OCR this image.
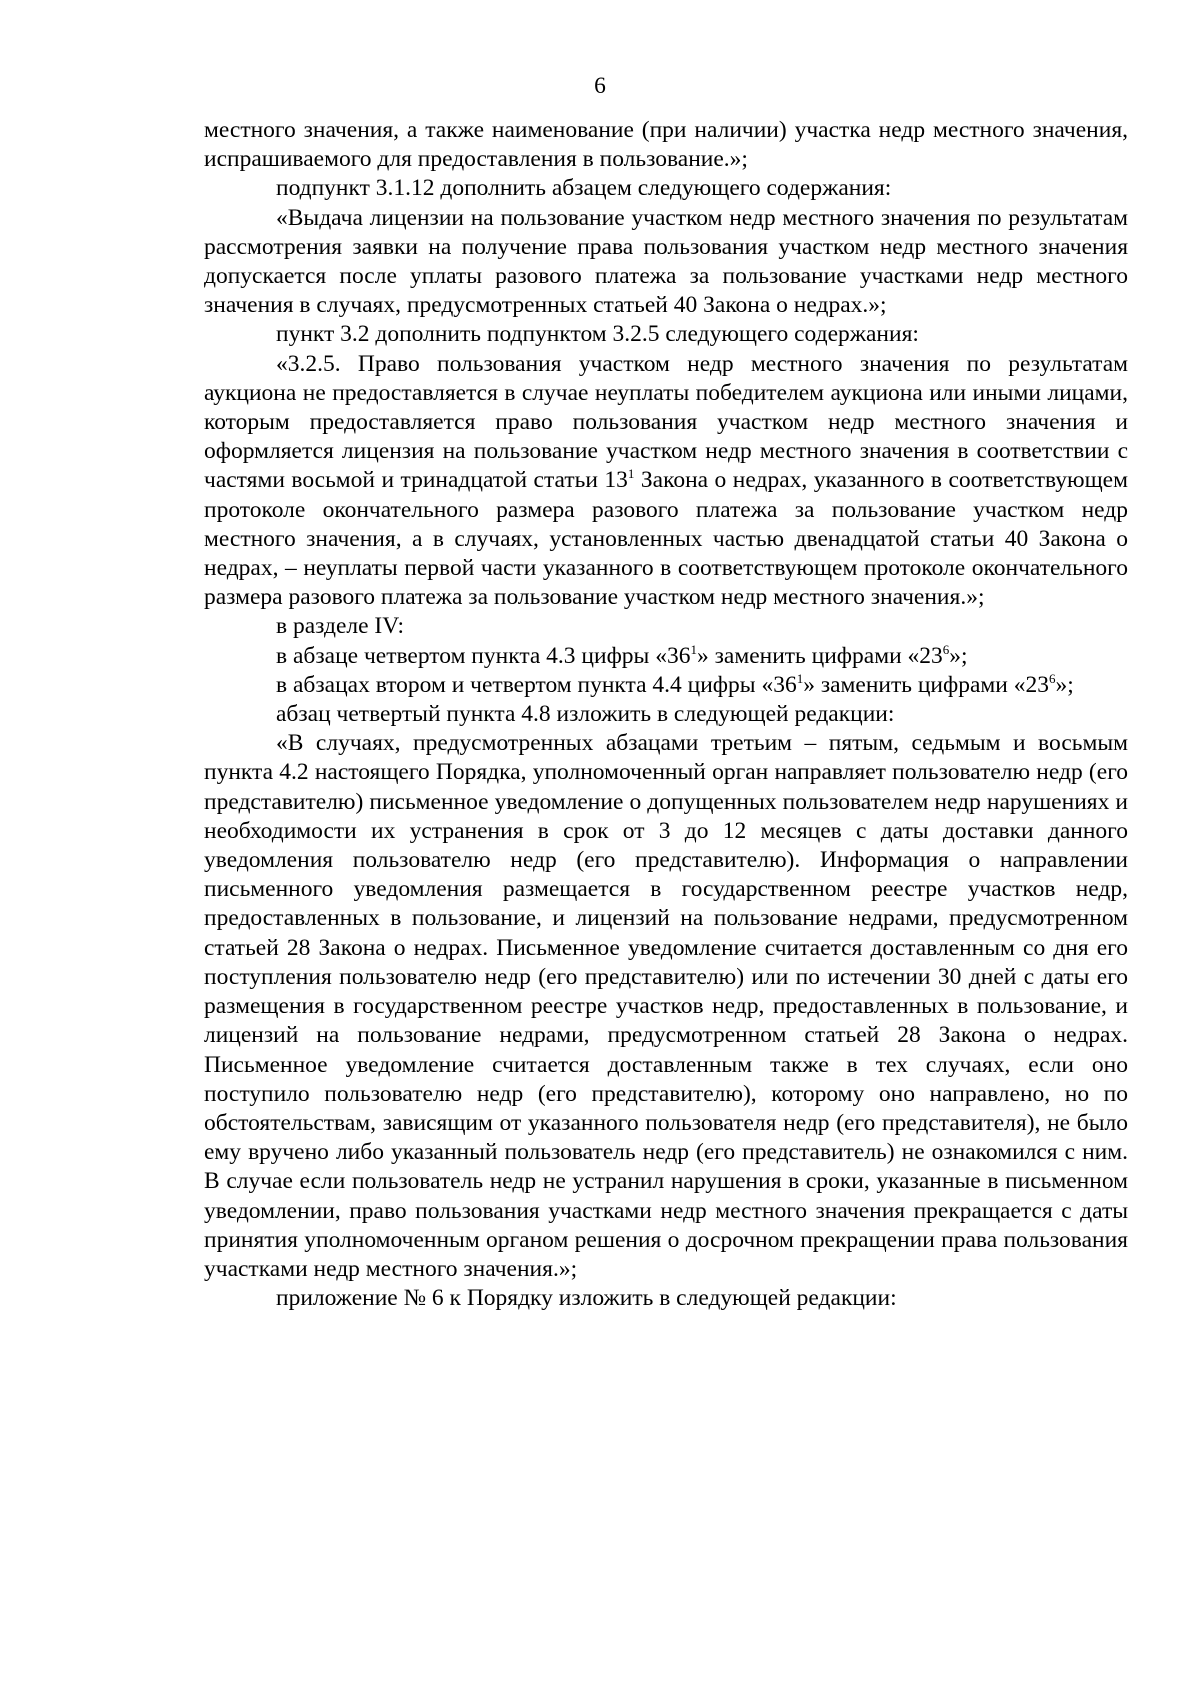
6

местного значения, а также наименование (при наличии) участка недр местного значения, испрашиваемого для предоставления в пользование.»;

подпункт 3.1.12 дополнить абзацем следующего содержания:

«Выдача лицензии на пользование участком недр местного значения по результатам рассмотрения заявки на получение права пользования участком недр местного значения допускается после уплаты разового платежа за пользование участками недр местного значения в случаях, предусмотренных статьей 40 Закона о недрах.»;

пункт 3.2 дополнить подпунктом 3.2.5 следующего содержания:

«3.2.5. Право пользования участком недр местного значения по результатам аукциона не предоставляется в случае неуплаты победителем аукциона или иными лицами, которым предоставляется право пользования участком недр местного значения и оформляется лицензия на пользование участком недр местного значения в соответствии с частями восьмой и тринадцатой статьи $13^1$ Закона о недрах, указанного в соответствующем протоколе окончательного размера разового платежа за пользование участком недр местного значения, а в случаях, установленных частью двенадцатой статьи 40 Закона о недрах, – неуплаты первой части указанного в соответствующем протоколе окончательного размера разового платежа за пользование участком недр местного значения.»;

в разделе IV:

в абзаце четвертом пункта 4.3 цифры «$36^1$» заменить цифрами «$23^6$»;

в абзацах втором и четвертом пункта 4.4 цифры «$36^1$» заменить цифрами «$23^6$»;

абзац четвертый пункта 4.8 изложить в следующей редакции:

«В случаях, предусмотренных абзацами третьим – пятым, седьмым и восьмым пункта 4.2 настоящего Порядка, уполномоченный орган направляет пользователю недр (его представителю) письменное уведомление о допущенных пользователем недр нарушениях и необходимости их устранения в срок от 3 до 12 месяцев с даты доставки данного уведомления пользователю недр (его представителю). Информация о направлении письменного уведомления размещается в государственном реестре участков недр, предоставленных в пользование, и лицензий на пользование недрами, предусмотренном статьей 28 Закона о недрах. Письменное уведомление считается доставленным со дня его поступления пользователю недр (его представителю) или по истечении 30 дней с даты его размещения в государственном реестре участков недр, предоставленных в пользование, и лицензий на пользование недрами, предусмотренном статьей 28 Закона о недрах. Письменное уведомление считается доставленным также в тех случаях, если оно поступило пользователю недр (его представителю), которому оно направлено, но по обстоятельствам, зависящим от указанного пользователя недр (его представителя), не было ему вручено либо указанный пользователь недр (его представитель) не ознакомился с ним. В случае если пользователь недр не устранил нарушения в сроки, указанные в письменном уведомлении, право пользования участками недр местного значения прекращается с даты принятия уполномоченным органом решения о досрочном прекращении права пользования участками недр местного значения.»;

приложение № 6 к Порядку изложить в следующей редакции:
